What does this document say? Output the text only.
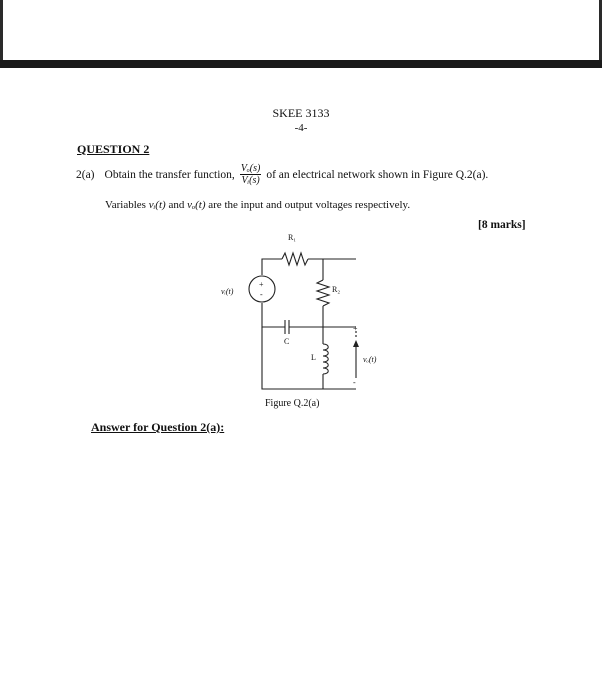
SKEE 3133
-4-
QUESTION 2
2(a) Obtain the transfer function, $\frac{\text{Vₒ(s)}}{\text{Vᵢ(s)}}$ of an electrical network shown in Figure Q.2(a).
Variables vᵢ(t) and vₒ(t) are the input and output voltages respectively.
[8 marks]
Answer for Question 2(a):
+
-
R₁
R₂
C
L
vᵢ(t)
vₒ(t)
+
-
Figure Q.2(a)
